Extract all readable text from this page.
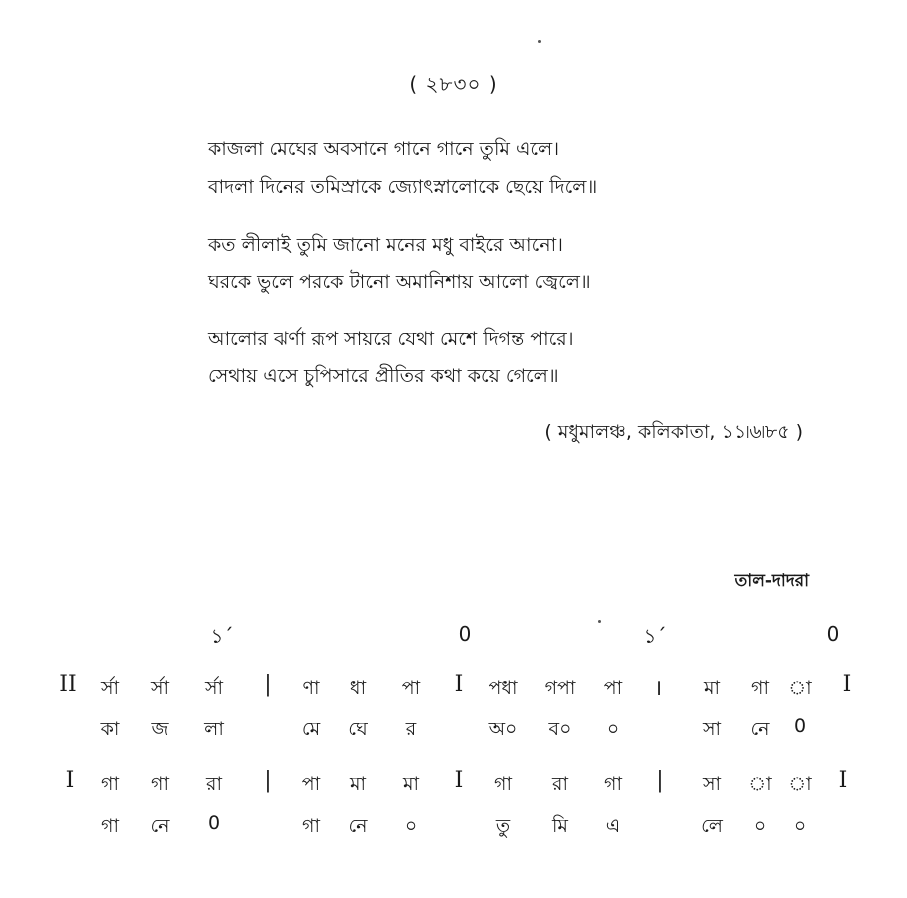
( ২৮৩০ )
কাজলা মেঘের অবসানে গানে গানে তুমি এলে।
বাদলা দিনের তমিস্রাকে জ্যোৎস্নালোকে ছেয়ে দিলে॥
কত লীলাই তুমি জানো মনের মধু বাইরে আনো।
ঘরকে ভুলে পরকে টানো অমানিশায় আলো জ্বেলে॥
আলোর ঝর্ণা রূপ সায়রে যেথা মেশে দিগন্ত পারে।
সেথায় এসে চুপিসারে প্রীতির কথা কয়ে গেলে॥
( মধুমালঞ্চ, কলিকাতা, ১১৷৬৷৮৫ )
তাল-দাদরা
১´	0	১´	0
II র্সা র্সা র্সা | ণা ধা পা I পধা গপা পা । মা গা া I
কা জ লা	মে ঘে র	অ০ ব০ ০	সা নে 0
I গা গা রা | পা মা মা I গা রা গা | সা া া I
গা নে 0	গা নে ০	তু মি এ	লে ০ ০
